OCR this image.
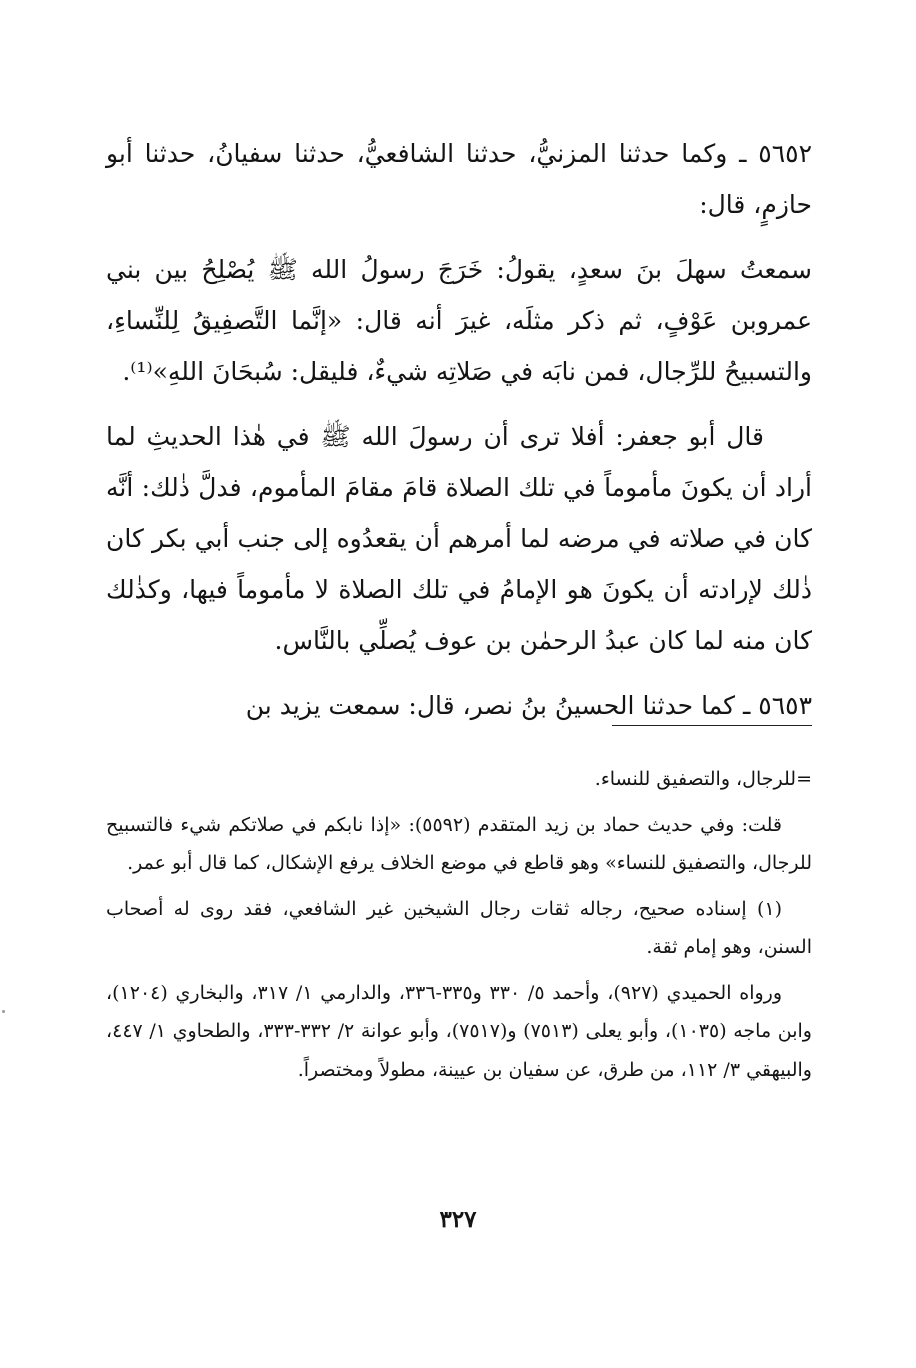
٥٦٥٢ ـ وكما حدثنا المزنيُّ، حدثنا الشافعيُّ، حدثنا سفيانُ، حدثنا أبو حازمٍ، قال:

سمعتُ سهلَ بنَ سعدٍ، يقولُ: خَرَجَ رسولُ الله ﷺ يُصْلِحُ بين بني عمروبن عَوْفٍ، ثم ذكر مثلَه، غيرَ أنه قال: «إنَّما التَّصفِيقُ لِلنِّساءِ، والتسبيحُ للرِّجال، فمن نابَه في صَلاتِه شيءٌ، فليقل: سُبحَانَ اللهِ»⁽¹⁾.

قال أبو جعفر: أفلا ترى أن رسولَ الله ﷺ في هٰذا الحديثِ لما أراد أن يكونَ مأموماً في تلك الصلاة قامَ مقامَ المأموم، فدلَّ ذٰلك: أنَّه كان في صلاته في مرضه لما أمرهم أن يقعدُوه إلى جنب أبي بكر كان ذٰلك لإرادته أن يكونَ هو الإمامُ في تلك الصلاة لا مأموماً فيها، وكذٰلك كان منه لما كان عبدُ الرحمٰن بن عوف يُصلِّي بالنَّاس.

٥٦٥٣ ـ كما حدثنا الحسينُ بنُ نصر، قال: سمعت يزيد بن

=للرجال، والتصفيق للنساء.

قلت: وفي حديث حماد بن زيد المتقدم (٥٥٩٢): «إذا نابكم في صلاتكم شيء فالتسبيح للرجال، والتصفيق للنساء» وهو قاطع في موضع الخلاف يرفع الإشكال، كما قال أبو عمر.

(١) إسناده صحيح، رجاله ثقات رجال الشيخين غير الشافعي، فقد روى له أصحاب السنن، وهو إمام ثقة.

ورواه الحميدي (٩٢٧)، وأحمد ٥/ ٣٣٠ و٣٣٥-٣٣٦، والدارمي ١/ ٣١٧، والبخاري (١٢٠٤)، وابن ماجه (١٠٣٥)، وأبو يعلى (٧٥١٣) و(٧٥١٧)، وأبو عوانة ٢/ ٣٣٢-٣٣٣، والطحاوي ١/ ٤٤٧، والبيهقي ٣/ ١١٢، من طرق، عن سفيان بن عيينة، مطولاً ومختصراً.

٣٢٧
